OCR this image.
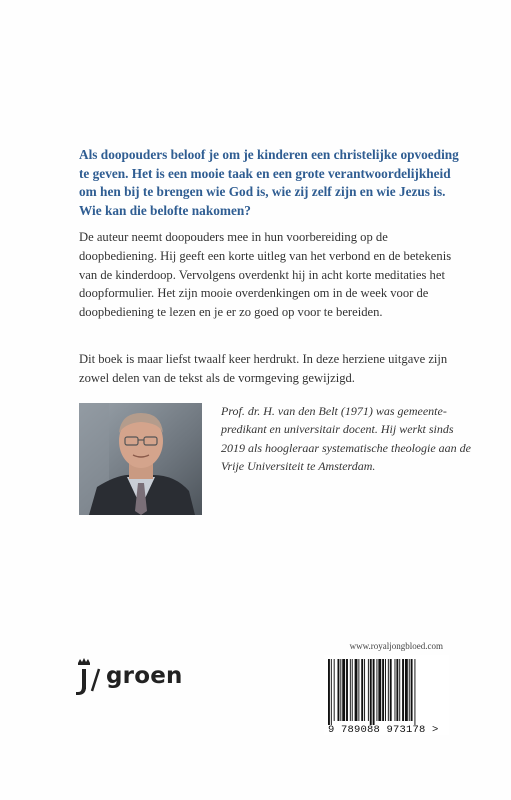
Als doopouders beloof je om je kinderen een christelijke opvoeding te geven. Het is een mooie taak en een grote verantwoordelijkheid om hen bij te brengen wie God is, wie zij zelf zijn en wie Jezus is. Wie kan die belofte nakomen?

De auteur neemt doopouders mee in hun voorbereiding op de doopbediening. Hij geeft een korte uitleg van het verbond en de betekenis van de kinderdoop. Vervolgens overdenkt hij in acht korte meditaties het doopformulier. Het zijn mooie overdenkingen om in de week voor de doopbediening te lezen en je er zo goed op voor te bereiden.

Dit boek is maar liefst twaalf keer herdrukt. In deze herziene uitgave zijn zowel delen van de tekst als de vormgeving gewijzigd.

Prof. dr. H. van den Belt (1971) was gemeentepredikant en universitair docent. Hij werkt sinds 2019 als hoogleraar systematische theologie aan de Vrije Universiteit te Amsterdam.

groen
www.royaljongbloed.com
9 789088 973178 >
